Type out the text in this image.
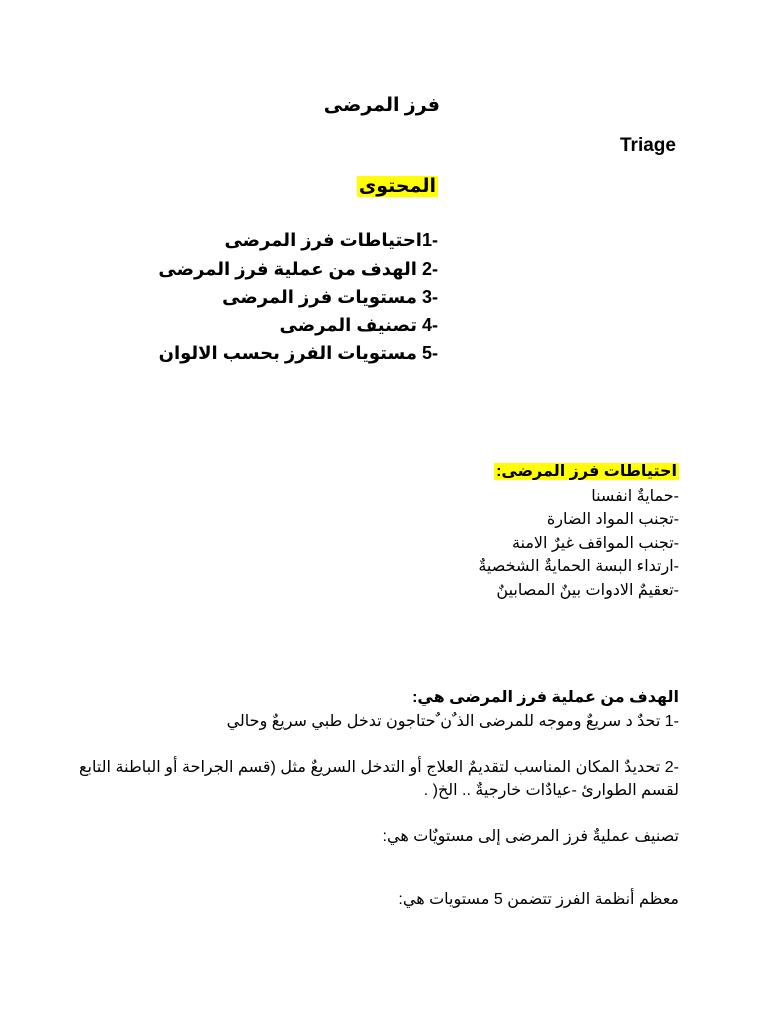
فرز المرضى
Triage
المحتوى
-1احتياطات فرز المرضى
-2 الهدف من عملية فرز المرضى
-3 مستويات فرز المرضى
-4 تصنيف المرضى
-5 مستويات الفرز بحسب الالوان
احتياطات فرز المرضى:
-حمايةٌ انفسنا
-تجنب المواد الضارة
-تجنب المواقف غيرٌ الامنة
-ارتداء البسة الحمايةٌ الشخصيةٌ
-تعقيمٌ الادوات بينٌ المصابينٌ
الهدف من عملية فرز المرضى هي:
-1 تحدٌ د سريعٌ وموجه للمرضى الذ ٌن ٌحتاجون تدخل طبي سريعٌ وحالي
-2 تحديدٌ المكان المناسب لتقديمٌ العلاج أو التدخل السريعٌ مثل (قسم الجراحة أو الباطنة التابع لقسم الطوارئ -عيادٌات خارجيةٌ .. الخ( .
تصنيف عمليةٌ فرز المرضى إلى مستويٌات هي:
معظم أنظمة الفرز تتضمن 5 مستويات هي:
